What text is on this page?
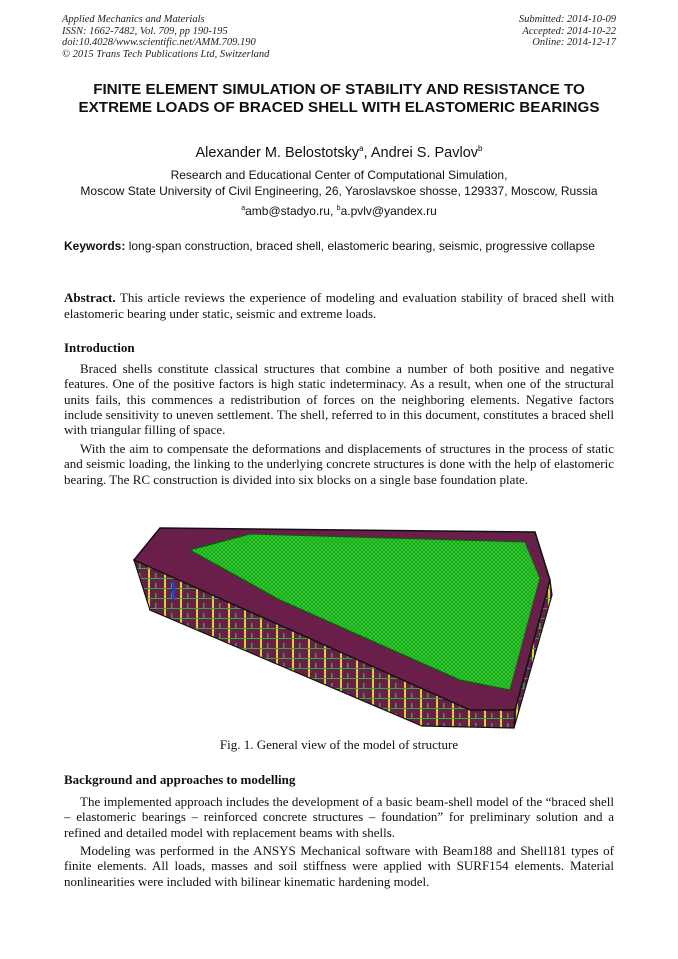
Applied Mechanics and Materials
ISSN: 1662-7482, Vol. 709, pp 190-195
doi:10.4028/www.scientific.net/AMM.709.190
© 2015 Trans Tech Publications Ltd, Switzerland
Submitted: 2014-10-09
Accepted: 2014-10-22
Online: 2014-12-17
FINITE ELEMENT SIMULATION OF STABILITY AND RESISTANCE TO EXTREME LOADS OF BRACED SHELL WITH ELASTOMERIC BEARINGS
Alexander M. Belostotsky$^a$, Andrei S. Pavlov$^b$
Research and Educational Center of Computational Simulation,
Moscow State University of Civil Engineering, 26, Yaroslavskoe shosse, 129337, Moscow, Russia
$^a$amb@stadyo.ru, $^b$a.pvlv@yandex.ru
Keywords: long-span construction, braced shell, elastomeric bearing, seismic, progressive collapse
Abstract. This article reviews the experience of modeling and evaluation stability of braced shell with elastomeric bearing under static, seismic and extreme loads.
Introduction

Braced shells constitute classical structures that combine a number of both positive and negative features. One of the positive factors is high static indeterminacy. As a result, when one of the structural units fails, this commences a redistribution of forces on the neighboring elements. Negative factors include sensitivity to uneven settlement. The shell, referred to in this document, constitutes a braced shell with triangular filling of space.

With the aim to compensate the deformations and displacements of structures in the process of static and seismic loading, the linking to the underlying concrete structures is done with the help of elastomeric bearing. The RC construction is divided into six blocks on a single base foundation plate.

Fig. 1. General view of the model of structure
Background and approaches to modelling

The implemented approach includes the development of a basic beam-shell model of the “braced shell – elastomeric bearings – reinforced concrete structures – foundation” for preliminary solution and a refined and detailed model with replacement beams with shells.

Modeling was performed in the ANSYS Mechanical software with Beam188 and Shell181 types of finite elements. All loads, masses and soil stiffness were applied with SURF154 elements. Material nonlinearities were included with bilinear kinematic hardening model.
